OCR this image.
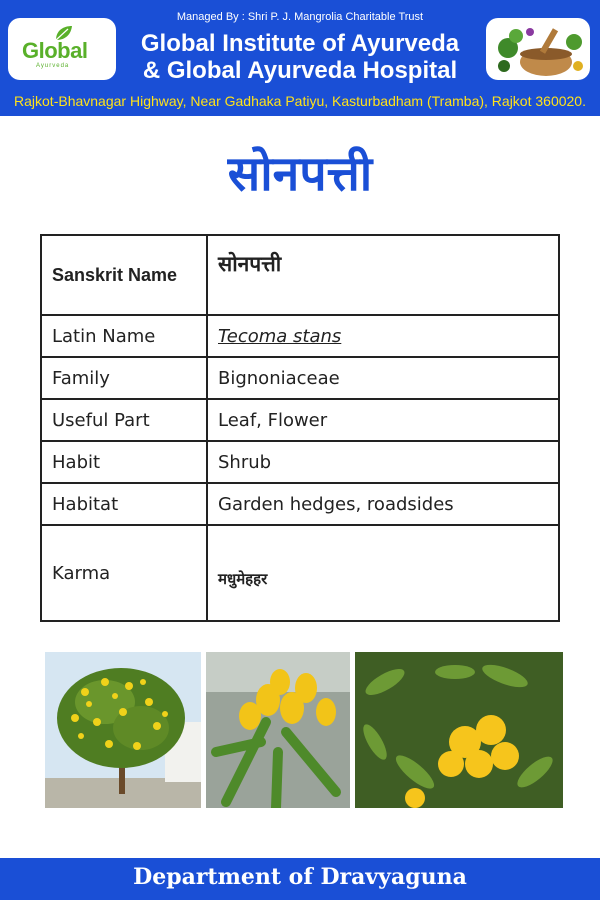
Global
Ayurveda
Managed By : Shri P. J. Mangrolia Charitable Trust
Global Institute of Ayurveda
& Global Ayurveda Hospital
Rajkot-Bhavnagar Highway, Near Gadhaka Patiyu, Kasturbadham (Tramba), Rajkot 360020.
सोनपत्ती
Sanskrit Name	सोनपत्ती
Latin Name	Tecoma stans
Family	Bignoniaceae
Useful Part	Leaf, Flower
Habit	Shrub
Habitat	Garden hedges, roadsides
Karma	मधुमेहहर
Department of Dravyaguna
